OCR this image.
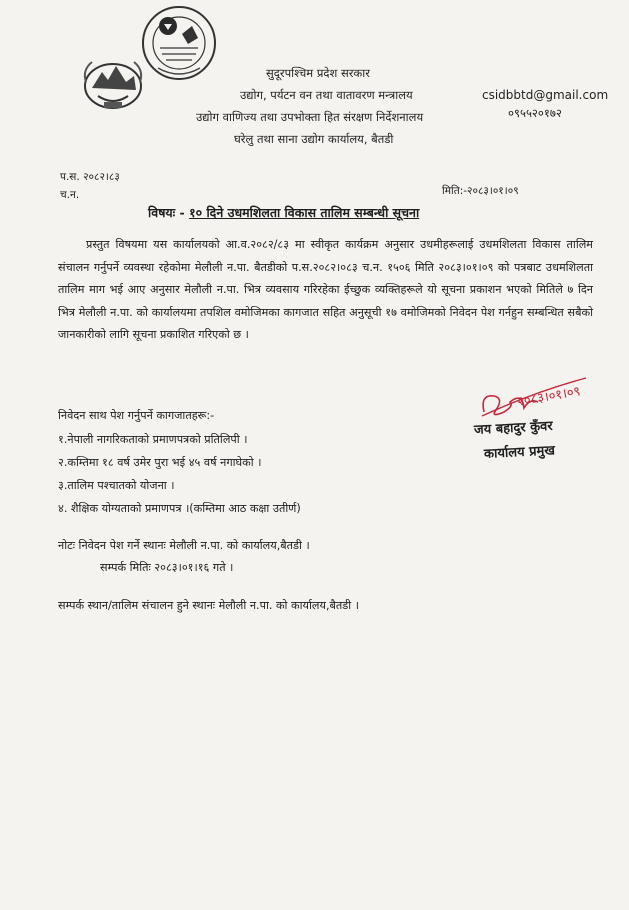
सुदूरपश्चिम प्रदेश सरकार
उद्योग, पर्यटन वन तथा वातावरण मन्त्रालय
उद्योग वाणिज्य तथा उपभोक्ता हित संरक्षण निर्देशनालय
घरेलु तथा साना उद्योग कार्यालय, बैतडी
csidbbtd@gmail.com
०९५५२०१७२
प.स. २०८२।८३
च.न.	मिति:-२०८३।०१।०९
विषयः - १० दिने उधमशिलता विकास तालिम सम्बन्धी सूचना
प्रस्तुत विषयमा यस कार्यालयको आ.व.२०८२/८३ मा स्वीकृत कार्यक्रम अनुसार उधमीहरूलाई उधमशिलता विकास तालिम संचालन गर्नुपर्ने व्यवस्था रहेकोमा मेलौली न.पा. बैतडीको प.स.२०८२।०८३ च.न. १५०६ मिति २०८३।०१।०९ को पत्रबाट उधमशिलता तालिम माग भई आए अनुसार मेलौली न.पा. भित्र व्यवसाय गरिरहेका ईच्छुक व्यक्तिहरूले यो सूचना प्रकाशन भएको मितिले ७ दिन भित्र मेलौली न.पा. को कार्यालयमा तपशिल वमोजिमका कागजात सहित अनुसूची १७ वमोजिमको निवेदन पेश गर्नहुन सम्बन्धित सबैको जानकारीको लागि सूचना प्रकाशित गरिएको छ ।
निवेदन साथ पेश गर्नुपर्ने कागजातहरू:-
१.नेपाली नागरिकताको प्रमाणपत्रको प्रतिलिपी ।
२.कम्तिमा १८ वर्ष उमेर पुरा भई ४५ वर्ष नगाघेको ।
३.तालिम पश्चातको योजना ।
४. शैक्षिक योग्यताको प्रमाणपत्र ।(कम्तिमा आठ कक्षा उतीर्ण)
२०८३।०१।०९
जय बहादुर कुँवर
कार्यालय प्रमुख
नोटः निवेदन पेश गर्ने स्थानः मेलौली न.पा. को कार्यालय,बैतडी ।
सम्पर्क मितिः २०८३।०१।१६ गते ।
सम्पर्क स्थान/तालिम संचालन हुने स्थानः मेलौली न.पा. को कार्यालय,बैतडी ।
